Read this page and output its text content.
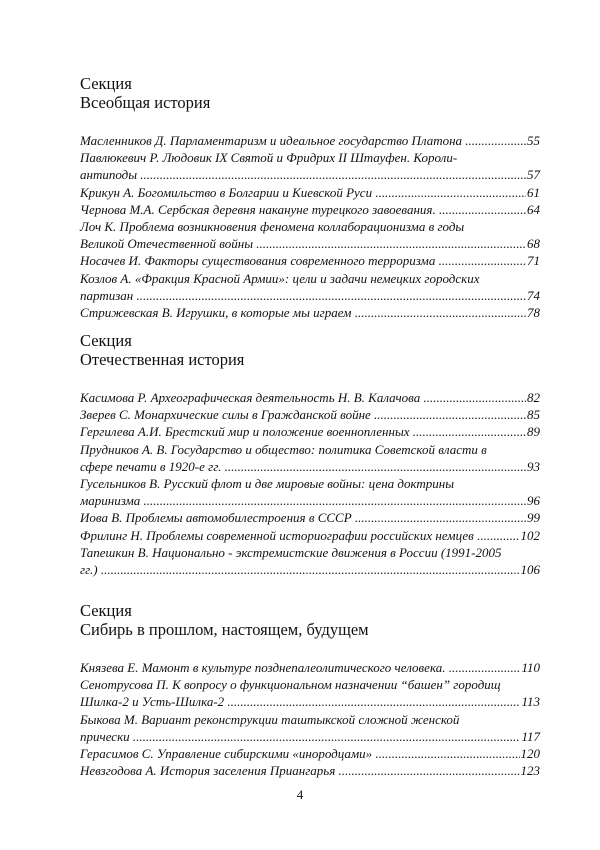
Секция
Всеобщая история
Масленников Д. Парламентаризм и идеальное государство Платона .....	55
Павлюкевич Р. Людовик IX Святой и Фридрих II Штауфен. Короли-
антиподы .....	57
Крикун А. Богомильство в Болгарии и Киевской Руси .....	61
Чернова М.А. Сербская деревня накануне турецкого завоевания. .....	64
Лоч К. Проблема возникновения феномена коллаборационизма в годы
Великой Отечественной войны .....	68
Носачев И. Факторы существования современного терроризма .....	71
Козлов А. «Фракция Красной Армии»: цели и задачи немецких городских
партизан .....	74
Стрижевская В. Игрушки, в которые мы играем .....	78
Секция
Отечественная история
Касимова Р. Археографическая деятельность Н. В. Калачова .....	82
Зверев С. Монархические силы в Гражданской войне .....	85
Гергилева А.И. Брестский мир и положение военнопленных .....	89
Прудников А. В. Государство и общество: политика Советской власти в
сфере печати в 1920-е гг. .....	93
Гусельников В. Русский флот и две мировые войны: цена доктрины
маринизма .....	96
Иова В. Проблемы автомобилестроения в СССР .....	99
Фрилинг Н. Проблемы современной историографии российских немцев .....	102
Тапешкин В. Национально - экстремистские движения в России (1991-2005
гг.) .....	106
Секция
Сибирь в прошлом, настоящем, будущем
Князева Е. Мамонт в культуре позднепалеолитического человека. .....	110
Сенотрусова П. К вопросу о функциональном назначении “башен” городищ
Шилка-2 и Усть-Шилка-2 .....	113
Быкова М. Вариант реконструкции таштыкской сложной женской
прически .....	117
Герасимов С. Управление сибирскими «инородцами» .....	120
Невзгодова А. История заселения Приангарья .....	123
4
